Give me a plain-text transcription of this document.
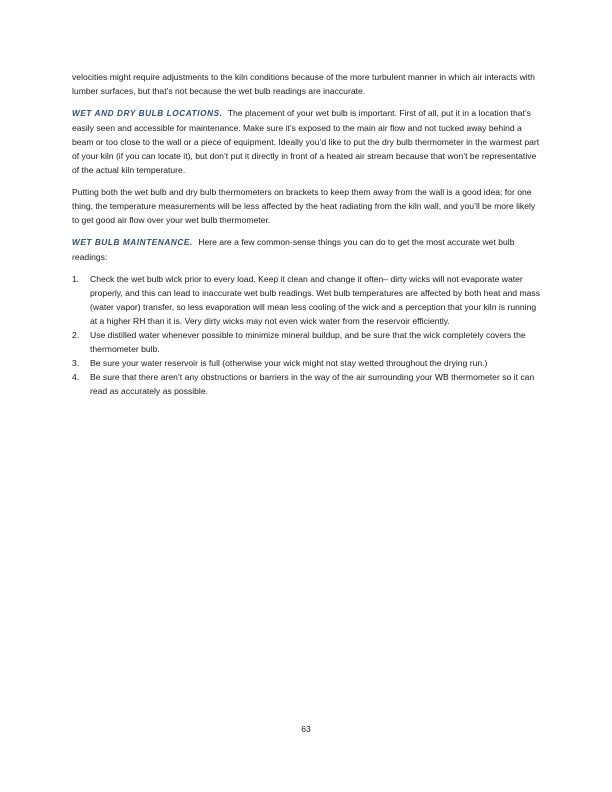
velocities might require adjustments to the kiln conditions because of the more turbulent manner in which air interacts with lumber surfaces, but that’s not because the wet bulb readings are inaccurate.

WET AND DRY BULB LOCATIONS. The placement of your wet bulb is important. First of all, put it in a location that’s easily seen and accessible for maintenance. Make sure it’s exposed to the main air flow and not tucked away behind a beam or too close to the wall or a piece of equipment. Ideally you’d like to put the dry bulb thermometer in the warmest part of your kiln (if you can locate it), but don’t put it directly in front of a heated air stream because that won’t be representative of the actual kiln temperature.

Putting both the wet bulb and dry bulb thermometers on brackets to keep them away from the wall is a good idea; for one thing, the temperature measurements will be less affected by the heat radiating from the kiln wall, and you’ll be more likely to get good air flow over your wet bulb thermometer.

WET BULB MAINTENANCE. Here are a few common-sense things you can do to get the most accurate wet bulb readings:

1. Check the wet bulb wick prior to every load. Keep it clean and change it often– dirty wicks will not evaporate water properly, and this can lead to inaccurate wet bulb readings. Wet bulb temperatures are affected by both heat and mass (water vapor) transfer, so less evaporation will mean less cooling of the wick and a perception that your kiln is running at a higher RH than it is. Very dirty wicks may not even wick water from the reservoir efficiently.
2. Use distilled water whenever possible to minimize mineral buildup, and be sure that the wick completely covers the thermometer bulb.
3. Be sure your water reservoir is full (otherwise your wick might not stay wetted throughout the drying run.)
4. Be sure that there aren’t any obstructions or barriers in the way of the air surrounding your WB thermometer so it can read as accurately as possible.
63
